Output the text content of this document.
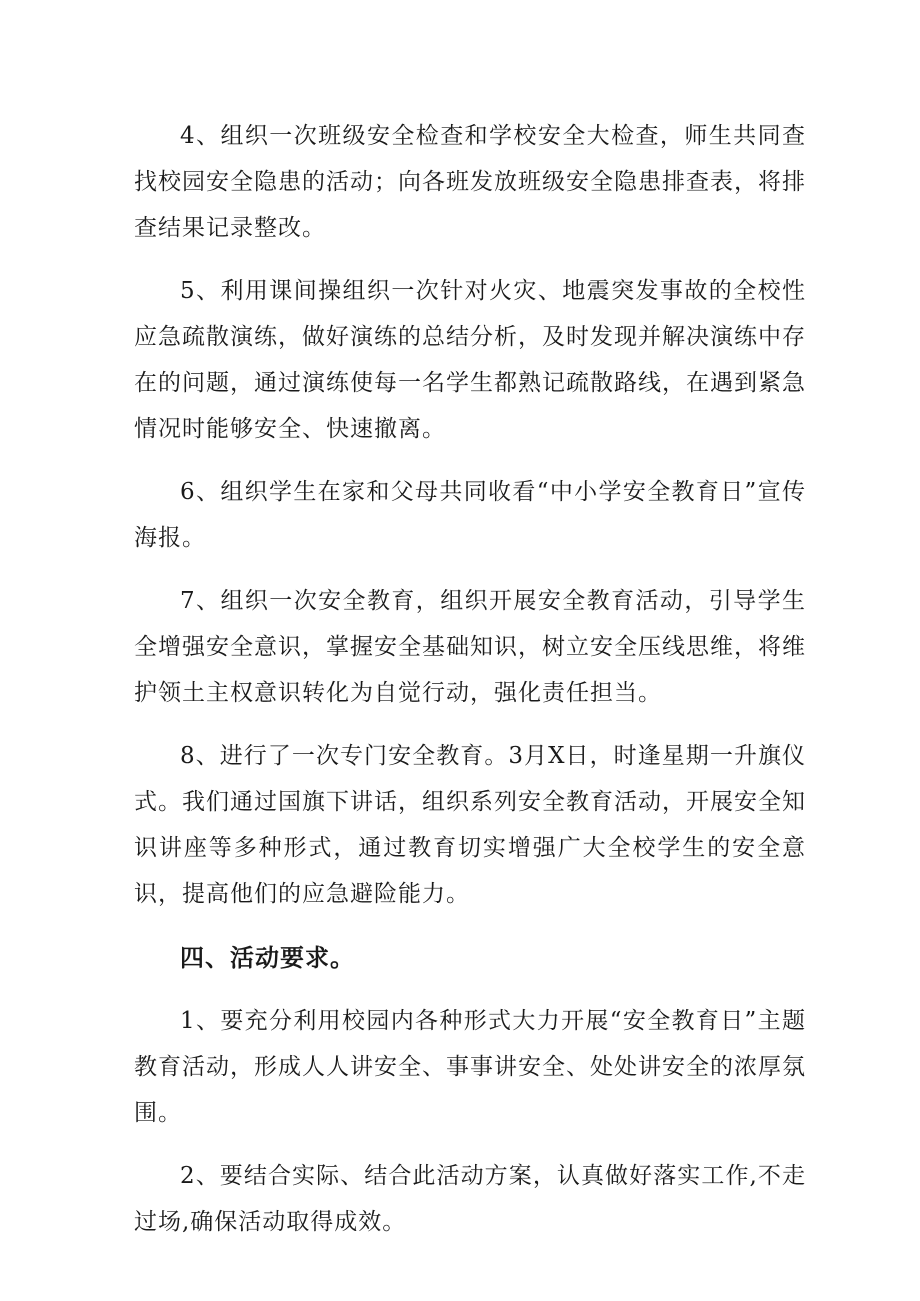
4、组织一次班级安全检查和学校安全大检查，师生共同查找校园安全隐患的活动；向各班发放班级安全隐患排查表，将排查结果记录整改。

5、利用课间操组织一次针对火灾、地震突发事故的全校性应急疏散演练，做好演练的总结分析，及时发现并解决演练中存在的问题，通过演练使每一名学生都熟记疏散路线，在遇到紧急情况时能够安全、快速撤离。

6、组织学生在家和父母共同收看“中小学安全教育日”宣传海报。

7、组织一次安全教育，组织开展安全教育活动，引导学生全增强安全意识，掌握安全基础知识，树立安全压线思维，将维护领土主权意识转化为自觉行动，强化责任担当。

8、进行了一次专门安全教育。3月X日，时逢星期一升旗仪式。我们通过国旗下讲话，组织系列安全教育活动，开展安全知识讲座等多种形式，通过教育切实增强广大全校学生的安全意识，提高他们的应急避险能力。

四、活动要求。

1、要充分利用校园内各种形式大力开展“安全教育日”主题教育活动，形成人人讲安全、事事讲安全、处处讲安全的浓厚氛围。

2、要结合实际、结合此活动方案，认真做好落实工作,不走过场,确保活动取得成效。
